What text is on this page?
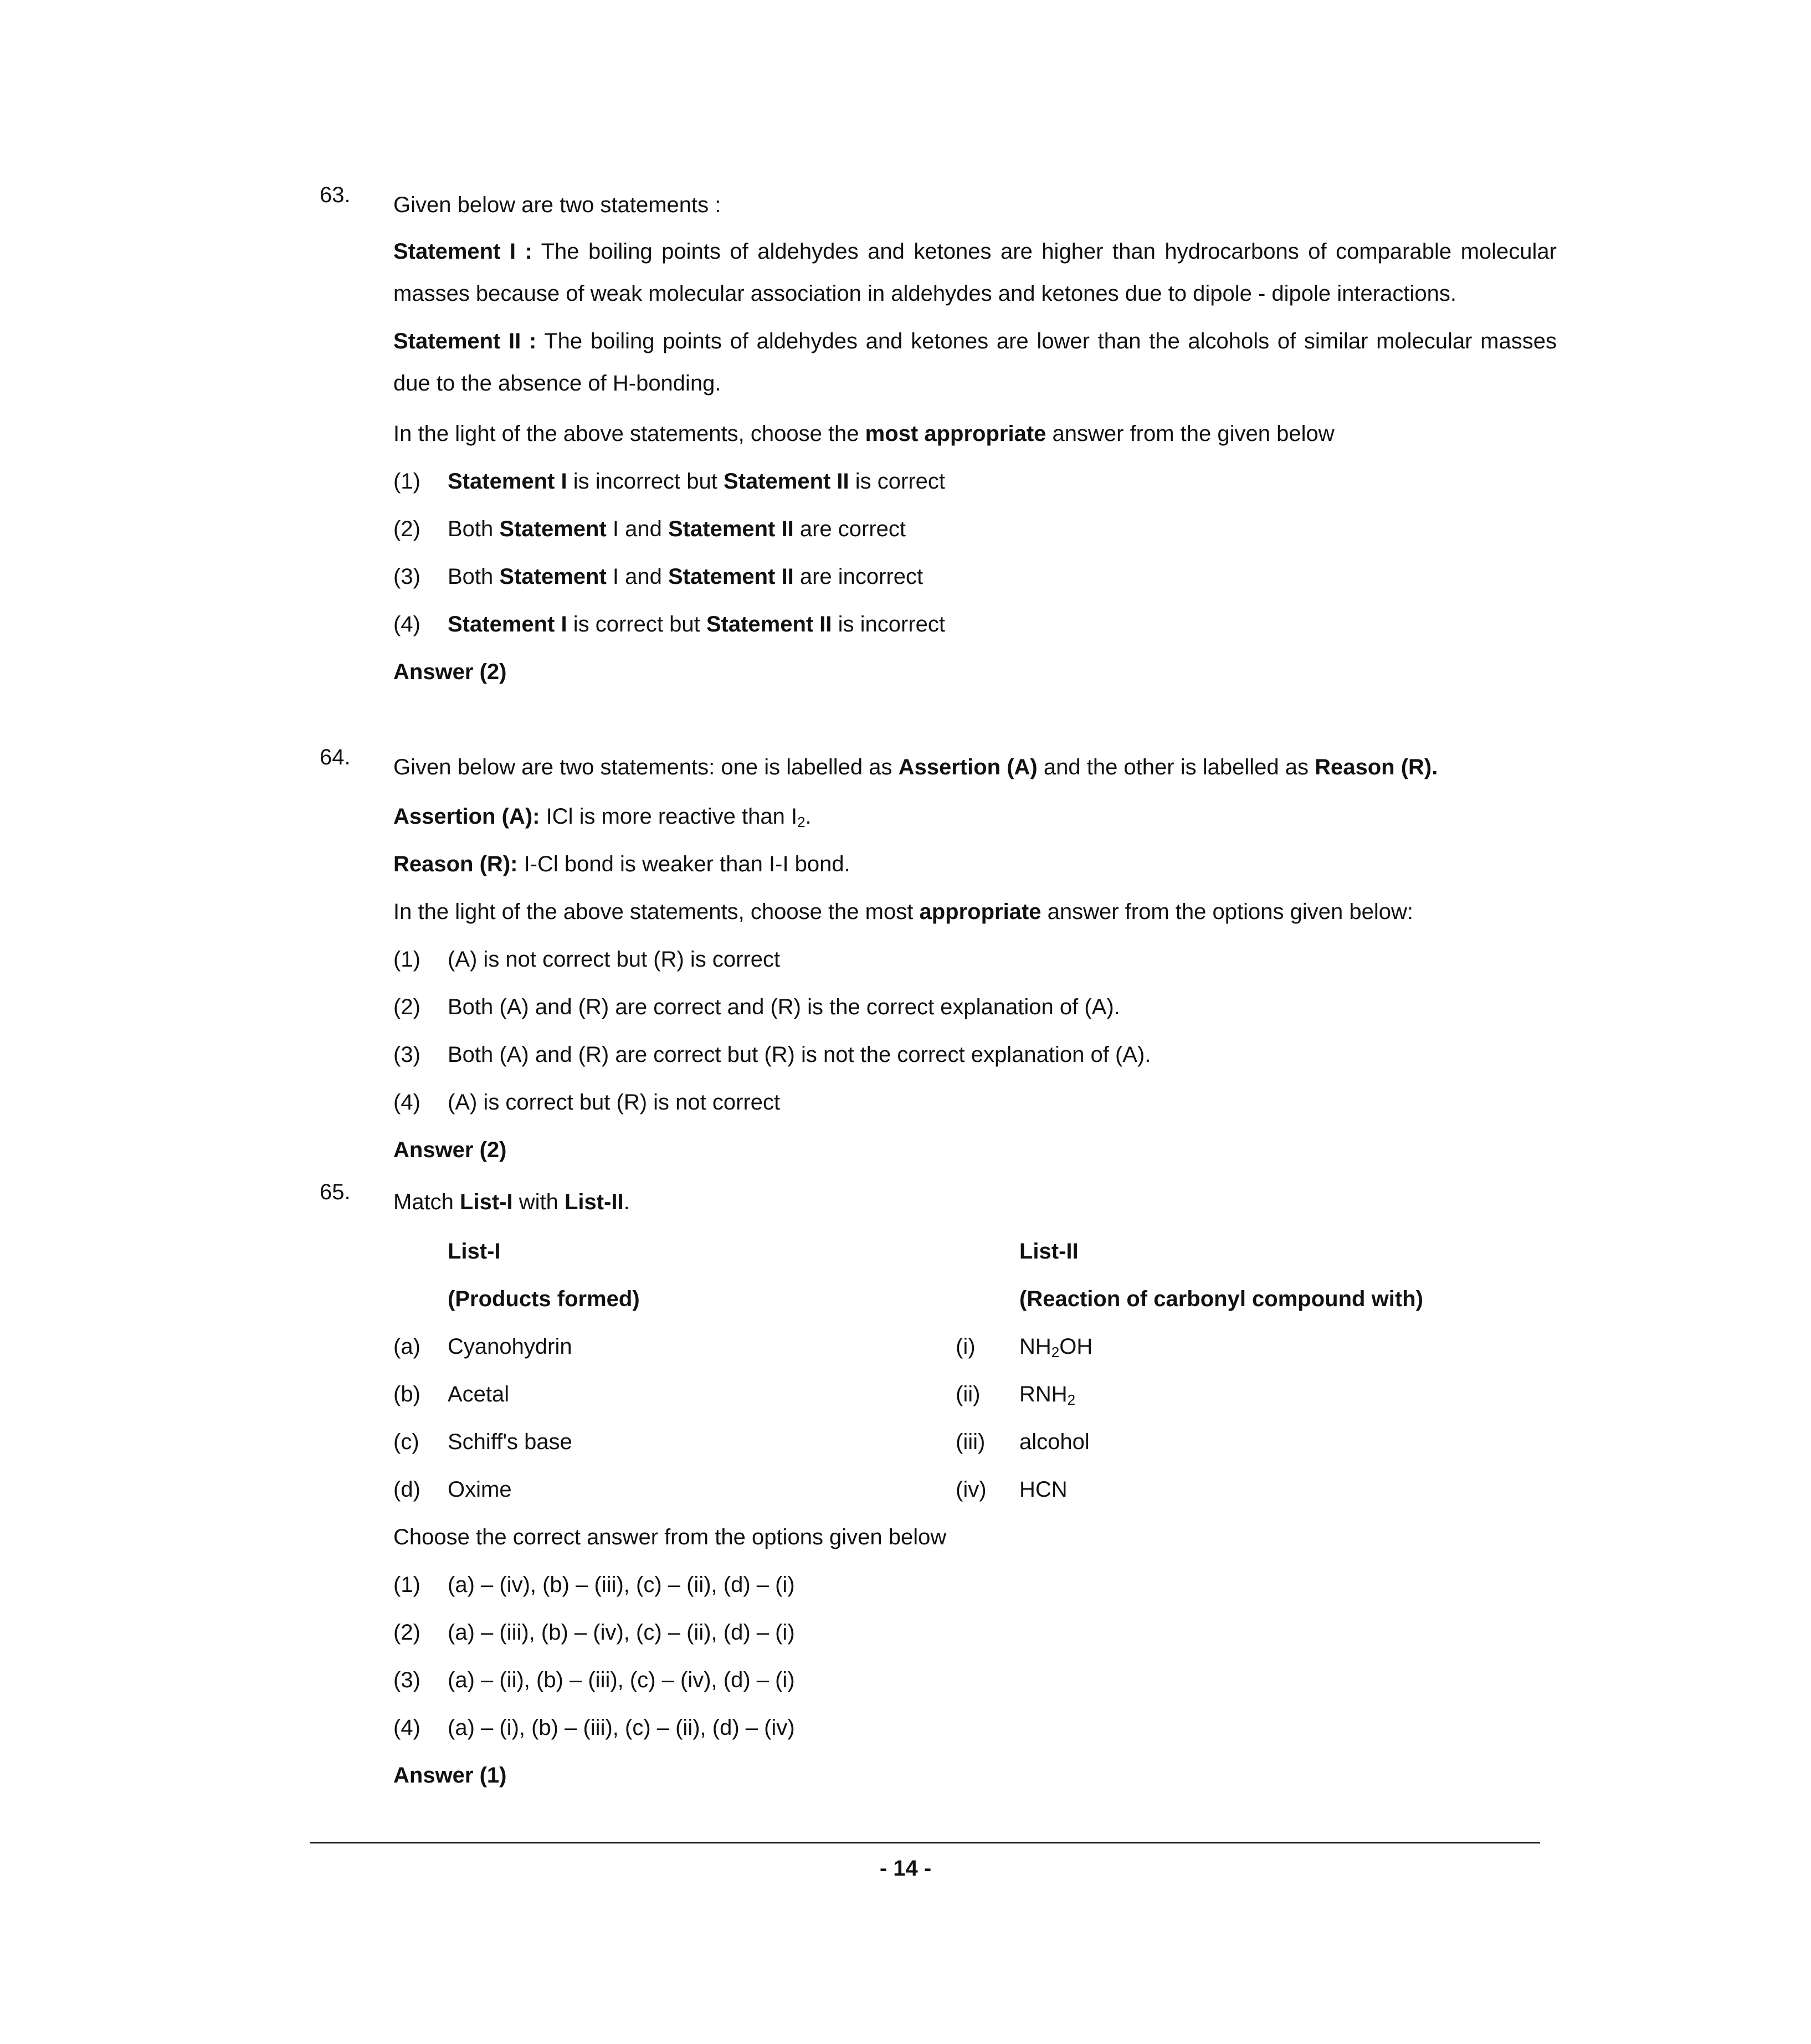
63. Given below are two statements :
Statement I : The boiling points of aldehydes and ketones are higher than hydrocarbons of comparable molecular masses because of weak molecular association in aldehydes and ketones due to dipole - dipole interactions.
Statement II : The boiling points of aldehydes and ketones are lower than the alcohols of similar molecular masses due to the absence of H-bonding.
In the light of the above statements, choose the most appropriate answer from the given below
(1)	Statement I is incorrect but Statement II is correct
(2)	Both Statement I and Statement II are correct
(3)	Both Statement I and Statement II are incorrect
(4)	Statement I is correct but Statement II is incorrect
Answer (2)
64. Given below are two statements: one is labelled as Assertion (A) and the other is labelled as Reason (R).
Assertion (A): ICl is more reactive than $I_2$.
Reason (R): I-Cl bond is weaker than I-I bond.
In the light of the above statements, choose the most appropriate answer from the options given below:
(1)	(A) is not correct but (R) is correct
(2)	Both (A) and (R) are correct and (R) is the correct explanation of (A).
(3)	Both (A) and (R) are correct but (R) is not the correct explanation of (A).
(4)	(A) is correct but (R) is not correct
Answer (2)
65. Match List-I with List-II.
List-I	List-II
(Products formed)	(Reaction of carbonyl compound with)
(a) Cyanohydrin	(i) $NH_2OH$
(b) Acetal	(ii) $RNH_2$
(c) Schiff's base	(iii) alcohol
(d) Oxime	(iv) HCN
Choose the correct answer from the options given below
(1)	(a) – (iv), (b) – (iii), (c) – (ii), (d) – (i)
(2)	(a) – (iii), (b) – (iv), (c) – (ii), (d) – (i)
(3)	(a) – (ii), (b) – (iii), (c) – (iv), (d) – (i)
(4)	(a) – (i), (b) – (iii), (c) – (ii), (d) – (iv)
Answer (1)
- 14 -
